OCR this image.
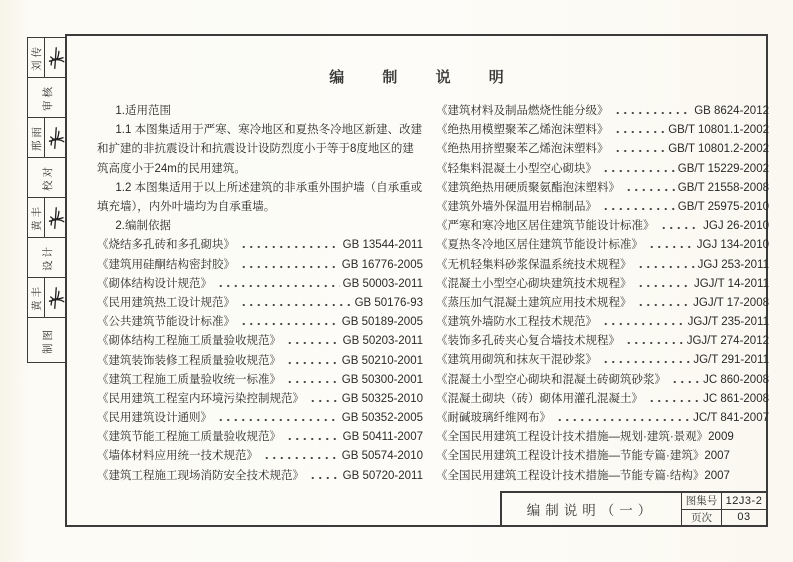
刘传
审核
邢雨
校对
黄丰
设计
黄丰
制图
编 制 说 明
1.适用范围
1.1 本图集适用于严寒、寒冷地区和夏热冬冷地区新建、改建和扩建的非抗震设计和抗震设计设防烈度小于等于8度地区的建筑高度小于24m的民用建筑。
1.2 本图集适用于以上所述建筑的非承重外围护墙（自承重或填充墙），内外叶墙均为自承重墙。
2.编制依据
《烧结多孔砖和多孔砌块》	GB 13544-2011
《建筑用硅酮结构密封胶》	GB 16776-2005
《砌体结构设计规范》	GB 50003-2011
《民用建筑热工设计规范》	GB 50176-93
《公共建筑节能设计标准》	GB 50189-2005
《砌体结构工程施工质量验收规范》	GB 50203-2011
《建筑装饰装修工程质量验收规范》	GB 50210-2001
《建筑工程施工质量验收统一标准》	GB 50300-2001
《民用建筑工程室内环境污染控制规范》	GB 50325-2010
《民用建筑设计通则》	GB 50352-2005
《建筑节能工程施工质量验收规范》	GB 50411-2007
《墙体材料应用统一技术规范》	GB 50574-2010
《建筑工程施工现场消防安全技术规范》	GB 50720-2011
《建筑材料及制品燃烧性能分级》	GB 8624-2012
《绝热用模塑聚苯乙烯泡沫塑料》	GB/T 10801.1-2002
《绝热用挤塑聚苯乙烯泡沫塑料》	GB/T 10801.2-2002
《轻集料混凝土小型空心砌块》	GB/T 15229-2002
《建筑绝热用硬质聚氨酯泡沫塑料》	GB/T 21558-2008
《建筑外墙外保温用岩棉制品》	GB/T 25975-2010
《严寒和寒冷地区居住建筑节能设计标准》	JGJ 26-2010
《夏热冬冷地区居住建筑节能设计标准》	JGJ 134-2010
《无机轻集料砂浆保温系统技术规程》	JGJ 253-2011
《混凝土小型空心砌块建筑技术规程》	JGJ/T 14-2011
《蒸压加气混凝土建筑应用技术规程》	JGJ/T 17-2008
《建筑外墙防水工程技术规范》	JGJ/T 235-2011
《装饰多孔砖夹心复合墙技术规程》	JGJ/T 274-2012
《建筑用砌筑和抹灰干混砂浆》	JG/T 291-2011
《混凝土小型空心砌块和混凝土砖砌筑砂浆》	JC 860-2008
《混凝土砌块（砖）砌体用灌孔混凝土》	JC 861-2008
《耐碱玻璃纤维网布》	JC/T 841-2007
《全国民用建筑工程设计技术措施—规划·建筑·景观》2009
《全国民用建筑工程设计技术措施—节能专篇·建筑》2007
《全国民用建筑工程设计技术措施—节能专篇·结构》2007
编制说明（一）
图集号 12J3-2
页次	03
